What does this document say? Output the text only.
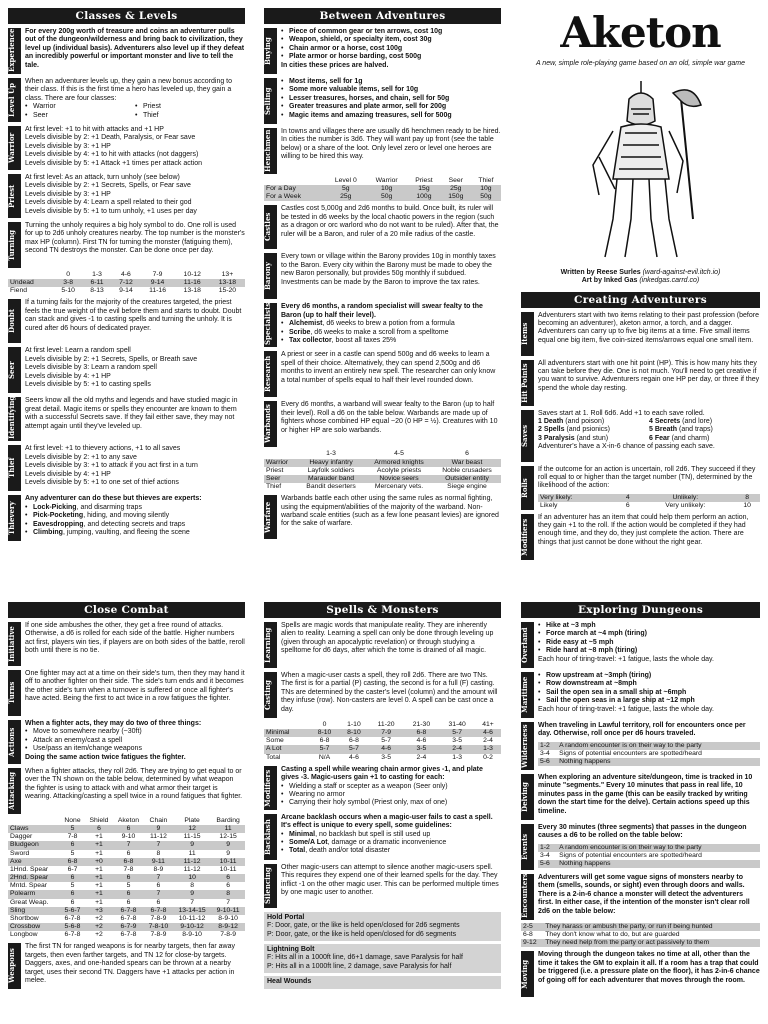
Classes & Levels
Experience	For every 200g worth of treasure and coins an adventurer pulls out of the dungeon/wilderness and bring back to civilization, they level up (individual basis). Adventurers also level up if they defeat an incredibly powerful or important monster and live to tell the tale.
Level Up
When an adventurer levels up, they gain a new bonus according to their class. If this is the first time a hero has leveled up, they gain a class. There are four classes:
• Warrior	• Priest
• Seer	• Thief
Warrior
At first level: +1 to hit with attacks and +1 HP
Levels divisible by 2: +1 Death, Paralysis, or Fear save
Levels divisible by 3: +1 HP
Levels divisible by 4: +1 to hit with attacks (not daggers)
Levels divisible by 5: +1 Attack +1 times per attack action
Priest
At first level: As an attack, turn unholy (see below)
Levels divisible by 2: +1 Secrets, Spells, or Fear save
Levels divisible by 3: +1 HP
Levels divisible by 4: Learn a spell related to their god
Levels divisible by 5: +1 to turn unholy, +1 uses per day
Turning
Turning the unholy requires a big holy symbol to do. One roll is used for up to 2d6 unholy creatures nearby. The top number is the monster's max HP (column). First TN for turning the monster (fatiguing them), second TN destroys the monster. Can be done once per day.
	0	1-3	4-6	7-9	10-12	13+
Undead	3-8	6-11	7-12	9-14	11-16	13-18
Fiend	5-10	8-13	9-14	11-16	13-18	15-20
Doubt
If a turning fails for the majority of the creatures targeted, the priest feels the true weight of the evil before them and starts to doubt. Doubt can stack and gives -1 to casting spells and turning the unholy. It is cured after d6 hours of dedicated prayer.
Seer
At first level: Learn a random spell
Levels divisible by 2: +1 Secrets, Spells, or Breath save
Levels divisible by 3: Learn a random spell
Levels divisible by 4: +1 HP
Levels divisible by 5: +1 to casting spells
Identifying	Seers know all the old myths and legends and have studied magic in great detail. Magic items or spells they encounter are known to them with a successful Secrets save. If they fail either save, they may not attempt again until they've leveled up.
Thief
At first level: +1 to thievery actions, +1 to all saves
Levels divisible by 2: +1 to any save
Levels divisible by 3: +1 to attack if you act first in a turn
Levels divisible by 4: +1 HP
Levels divisible by 5: +1 to one set of thief actions
Thievery
Any adventurer can do these but thieves are experts:
• Lock-Picking, and disarming traps
• Pick-Pocketing, hiding, and moving silently
• Eavesdropping, and detecting secrets and traps
• Climbing, jumping, vaulting, and fleeing the scene
Between Adventures
Buying
• Piece of common gear or ten arrows, cost 10g
• Weapon, shield, or specialty item, cost 30g
• Chain armor or a horse, cost 100g
• Plate armor or horse barding, cost 500g
In cities these prices are halved.
Selling
• Most items, sell for 1g
• Some more valuable items, sell for 10g
• Lesser treasures, horses, and chain, sell for 50g
• Greater treasures and plate armor, sell for 200g
• Magic items and amazing treasures, sell for 500g
Henchmen	In towns and villages there are usually d6 henchmen ready to be hired. In cities the number is 3d6. They will want pay up front (see the table below) or a share of the loot. Only level zero or level one heroes are willing to be hired this way.
	Level 0	Warrior	Priest	Seer	Thief
For a Day	5g	10g	15g	25g	10g
For a Week	25g	50g	100g	150g	50g
Castles
Castles cost 5,000g and 2d6 months to build. Once built, its ruler will be tested in d6 weeks by the local chaotic powers in the region (such as a dragon or orc warlord who do not want to be ruled). After that, the ruler will be a Baron, and ruler of a 20 mile radius of the castle.
Barony
Every town or village within the Barony provides 10g in monthly taxes to the Baron. Every city within the Barony must be made to obey the new Baron personally, but provides 50g monthly if subdued. Investments can be made by the Baron to improve the tax rates.
Specialists	Every d6 months, a random specialist will swear fealty to the Baron (up to half their level).
• Alchemist, d6 weeks to brew a potion from a formula
• Scribe, d6 weeks to make a scroll from a spelltome
• Tax collector, boost all taxes 25%
Research
A priest or seer in a castle can spend 500g and d6 weeks to learn a spell of their choice. Alternatively, they can spend 2,500g and d6 months to invent an entirely new spell. The researcher can only know a total number of spells equal to half their level rounded down.
Warbands
Every d6 months, a warband will swear fealty to the Baron (up to half their level). Roll a d6 on the table below. Warbands are made up of fighters whose combined HP equal ~20 (0 HP = ½). Creatures with 10 or higher HP are solo warbands.
	1-3	4-5	6
Warrior	Heavy infantry	Armored knights	War beast
Priest	Layfolk soldiers	Acolyte priests	Noble crusaders
Seer	Marauder band	Novice seers	Outsider entity
Thief	Bandit deserters	Mercenary vets.	Siege engine
Warfare
Warbands battle each other using the same rules as normal fighting, using the equipment/abilities of the majority of the warband. Non-warband scale entities (such as a few lone peasant levies) are ignored for the sake of warfare.
Aketon
A new, simple role-playing game based on an old, simple war game
Written by Reese Surles (ward-against-evil.itch.io)
Art by Inked Gas (inkedgas.carrd.co)
Creating Adventurers
Items
Adventurers start with two items relating to their past profession (before becoming an adventurer), aketon armor, a torch, and a dagger. Adventurers can carry up to five big items at a time. Five small items equal one big item, five coin-sized items/arrows equal one small item.
Hit Points	All adventurers start with one hit point (HP). This is how many hits they can take before they die. One is not much. You'll need to get creative if you want to survive. Adventurers regain one HP per day, or three if they spend the whole day resting.
Saves
Saves start at 1. Roll 6d6. Add +1 to each save rolled.
1 Death (and poison)	4 Secrets (and lore)
2 Spells (and psionics)	5 Breath (and traps)
3 Paralysis (and stun)	6 Fear (and charm)
Adventurer's have a X-in-6 chance of passing each save.
Rolls
If the outcome for an action is uncertain, roll 2d6. They succeed if they roll equal to or higher than the target number (TN), determined by the likelihood of the action:
Very likely:	4	Unlikely:	8
Likely	6	Very unlikely:	10
Modifiers
If an adventurer has an item that could help them perform an action, they gain +1 to the roll. If the action would be completed if they had enough time, and they do, they just complete the action. There are things that just cannot be done without the right gear.
Close Combat
Initiative
If one side ambushes the other, they get a free round of attacks. Otherwise, a d6 is rolled for each side of the battle. Higher numbers act first, players win ties, if players are on both sides of the battle, reroll both until there is no tie.
Turns
One fighter may act at a time on their side's turn, then they may hand it off to another fighter on their side. The side's turn ends and it becomes the other side's turn when a turnover is suffered or once all fighter's have acted. Being the first to act twice in a row fatigues the fighter.
Actions
When a fighter acts, they may do two of three things:
• Move to somewhere nearby (~30ft)
• Attack an enemy/cast a spell
• Use/pass an item/change weapons
Doing the same action twice fatigues the fighter.
Attacking
When a fighter attacks, they roll 2d6. They are trying to get equal to or over the TN shown on the table below, determined by what weapon the fighter is using to attack with and what armor their target is wearing. Attacking/casting a spell twice in a round fatigues that fighter.
	None	Shield	Aketon	Chain	Plate	Barding
Claws	5	6	6	9	12	11
Dagger	7-8	+1	9-10	11-12	11-15	12-15
Bludgeon	6	+1	7	7	9	9
Sword	5	+1	6	8	11	9
Axe	6-8	+0	6-8	9-11	11-12	10-11
1Hnd. Spear	6-7	+1	7-8	8-9	11-12	10-11
2Hnd. Spear	6	+1	6	7	10	6
Mntd. Spear	5	+1	5	6	8	6
Polearm	6	+1	6	7	9	8
Great Weap.	6	+1	6	6	7	7
Sling	5-6-7	+3	6-7-8	6-7-8	13-14-15	9-10-11
Shortbow	6-7-8	+2	6-7-8	7-8-9	10-11-12	8-9-10
Crossbow	5-6-8	+2	6-7-9	7-8-10	9-10-12	8-9-12
Longbow	6-7-8	+2	6-7-8	7-8-9	8-9-10	7-8-9
Weapons
The first TN for ranged weapons is for nearby targets, then far away targets, then even farther targets, and TN 12 for close-by targets. Daggers, axes, and one-handed spears can be thrown at a nearby target, uses their second TN. Daggers have +1 attacks per action in melee.
Spells & Monsters
Learning
Spells are magic words that manipulate reality. They are inherently alien to reality. Learning a spell can only be done through leveling up (given through an apocalyptic revelation) or through studying a spelltome for d6 days, after which the tome is drained of all magic.
Casting
When a magic-user casts a spell, they roll 2d6. There are two TNs. The first is for a partial (P) casting, the second is for a full (F) casting. TNs are determined by the caster's level (column) and the amount will they infuse (row). Non-casters are level 0. A spell can be cast once a day.
	0	1-10	11-20	21-30	31-40	41+
Minimal	8-10	8-10	7-9	6-8	5-7	4-6
Some	6-8	6-8	5-7	4-6	3-5	2-4
A Lot	5-7	5-7	4-6	3-5	2-4	1-3
Total	N/A	4-6	3-5	2-4	1-3	0-2
Modifiers	Casting a spell while wearing chain armor gives -1, and plate gives -3. Magic-users gain +1 to casting for each:
• Wielding a staff or scepter as a weapon (Seer only)
• Wearing no armor
• Carrying their holy symbol (Priest only, max of one)
Backlash
Arcane backlash occurs when a magic-user fails to cast a spell. It's effect is unique to every spell, some guidelines:
• Minimal, no backlash but spell is still used up
• Some/A Lot, damage or a dramatic inconvenience
• Total, death and/or total disaster
Silencing
Other magic-users can attempt to silence another magic-users spell. This requires they expend one of their learned spells for the day. They inflict -1 on the other magic user. This can be performed multiple times by one magic user to another.
Hold Portal
F: Door, gate, or the like is held open/closed for 2d6 segments
P: Door, gate, or the like is held open/closed for d6 segments
Lightning Bolt
F: Hits all in a 1000ft line, d6+1 damage, save Paralysis for half
P: Hits all in a 1000ft line, 2 damage, save Paralysis for half
Heal Wounds
Exploring Dungeons
Overland
• Hike at ~3 mph
• Force march at ~4 mph (tiring)
• Ride easy at ~5 mph
• Ride hard at ~8 mph (tiring)
Each hour of tiring-travel: +1 fatigue, lasts the whole day.
Maritime
• Row upstream at ~3mph (tiring)
• Row downstream at ~8mph
• Sail the open sea in a small ship at ~6mph
• Sail the open seas in a large ship at ~12 mph
Each hour of tiring-travel: +1 fatigue, lasts the whole day.
Wilderness	When traveling in Lawful territory, roll for encounters once per day. Otherwise, roll once per d6 hours traveled.
1-2	A random encounter is on their way to the party
3-4	Signs of potential encounters are spotted/heard
5-6	Nothing happens
Delving
When exploring an adventure site/dungeon, time is tracked in 10 minute "segments." Every 10 minutes that pass in real life, 10 minutes pass in the game (this can be easily tracked by writing down the start time for the delve). Certain actions speed up this timeline.
Events
Every 30 minutes (three segments) that passes in the dungeon causes a d6 to be rolled on the table below:
1-2	A random encounter is on their way to the party
3-4	Signs of potential encounters are spotted/heard
5-6	Nothing happens
Encounters	Adventurers will get some vague signs of monsters nearby to them (smells, sounds, or sight) even through doors and walls. There is a 2-in-6 chance a monster will detect the adventurers first. In either case, if the intention of the monster isn't clear roll 2d6 on the table below:
2-5	They harass or ambush the party, or run if being hunted
6-8	They don't know what to do, but are guarded
9-12	They need help from the party or act passively to them
Moving
Moving through the dungeon takes no time at all, other than the time it takes the GM to explain it all. If a room has a trap that could be triggered (i.e. a pressure plate on the floor), it has 2-in-6 chance of going off for each adventurer that moves through the room.
